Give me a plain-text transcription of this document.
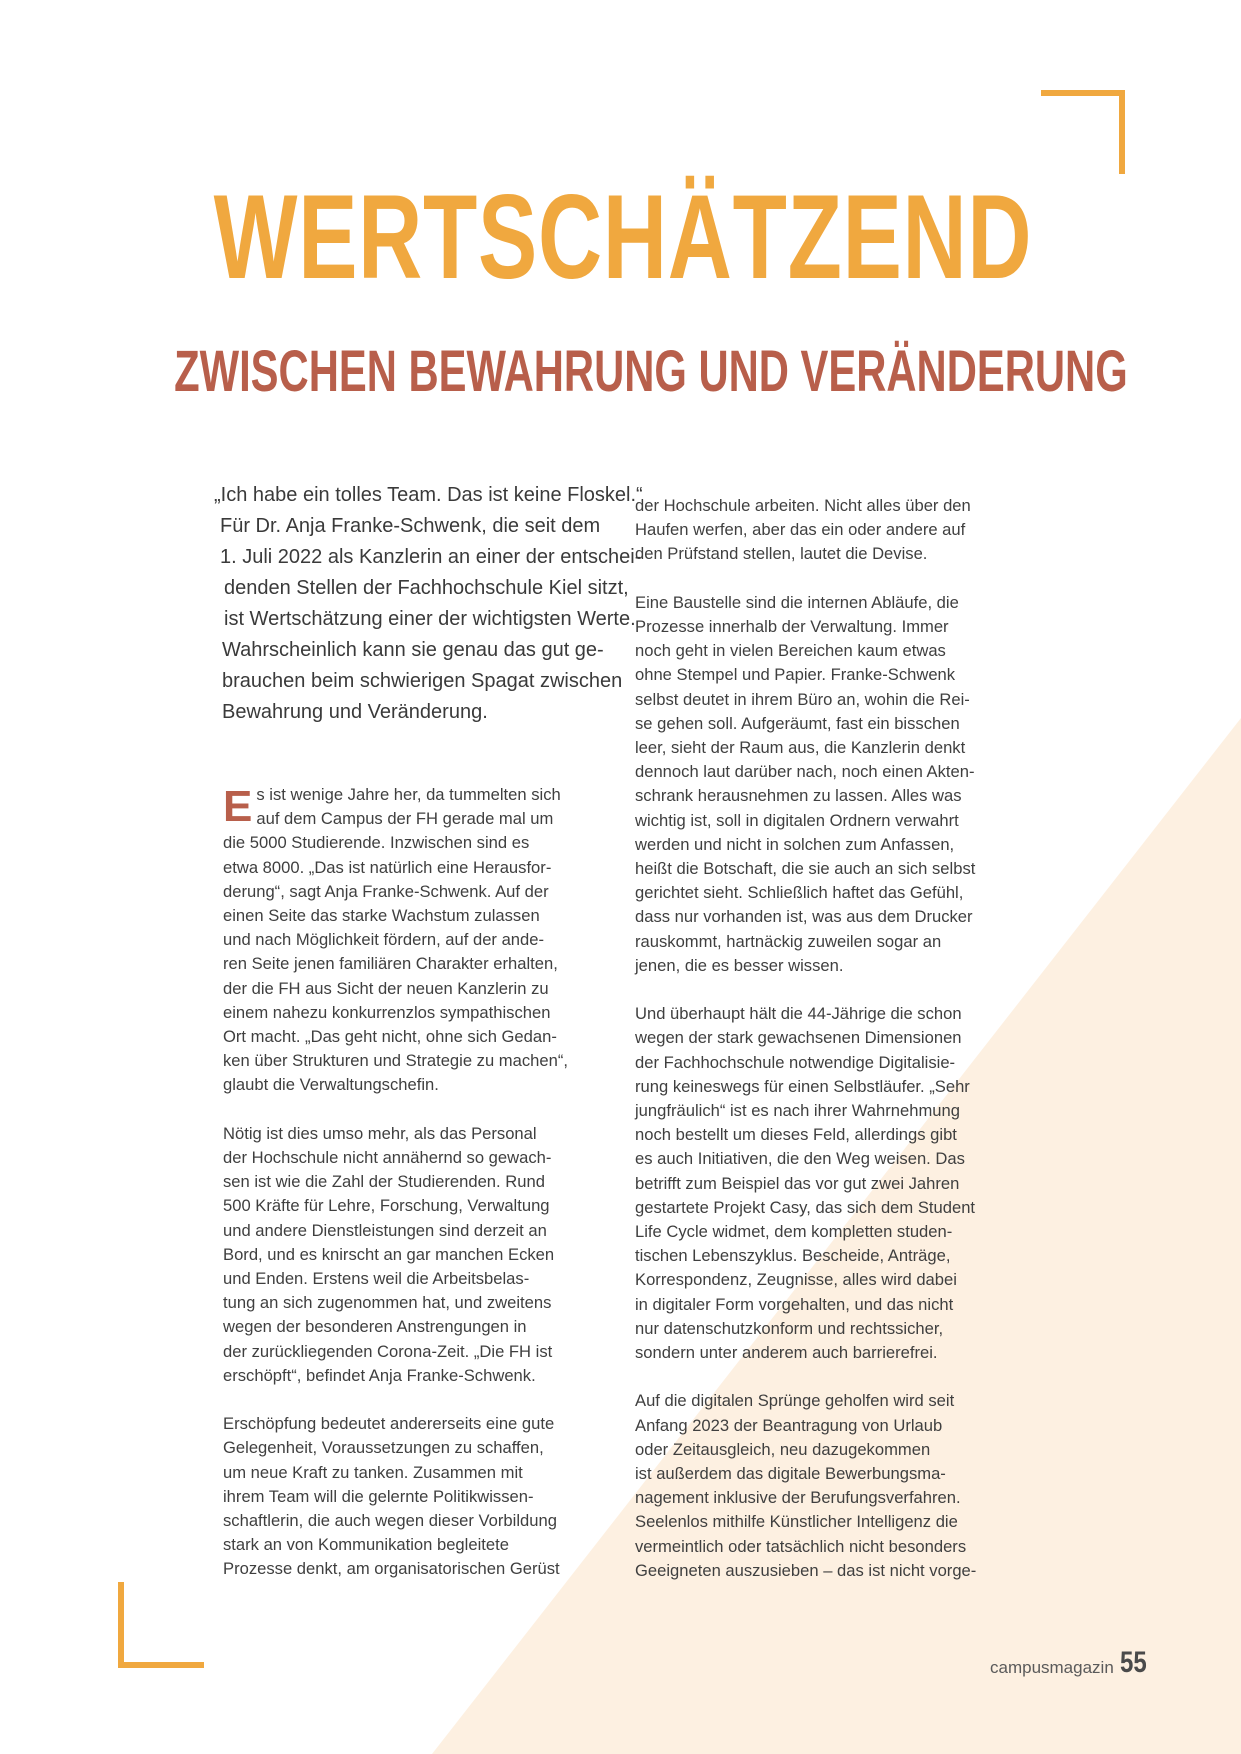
WERTSCHÄTZEND
ZWISCHEN BEWAHRUNG UND VERÄNDERUNG

„Ich habe ein tolles Team. Das ist keine Floskel.“

Für Dr. Anja Franke-Schwenk, die seit dem

1. Juli 2022 als Kanzlerin an einer der entschei-

denden Stellen der Fachhochschule Kiel sitzt,

ist Wertschätzung einer der wichtigsten Werte.

Wahrscheinlich kann sie genau das gut ge-

brauchen beim schwierigen Spagat zwischen

Bewahrung und Veränderung.

E s ist wenige Jahre her, da tummelten sich

auf dem Campus der FH gerade mal um

die 5000 Studierende. Inzwischen sind es

etwa 8000. „Das ist natürlich eine Herausfor-

derung“, sagt Anja Franke-Schwenk. Auf der

einen Seite das starke Wachstum zulassen

und nach Möglichkeit fördern, auf der ande-

ren Seite jenen familiären Charakter erhalten,

der die FH aus Sicht der neuen Kanzlerin zu

einem nahezu konkurrenzlos sympathischen

Ort macht. „Das geht nicht, ohne sich Gedan-

ken über Strukturen und Strategie zu machen“,

glaubt die Verwaltungschefin.

Nötig ist dies umso mehr, als das Personal

der Hochschule nicht annähernd so gewach-

sen ist wie die Zahl der Studierenden. Rund

500 Kräfte für Lehre, Forschung, Verwaltung

und andere Dienstleistungen sind derzeit an

Bord, und es knirscht an gar manchen Ecken

und Enden. Erstens weil die Arbeitsbelas-

tung an sich zugenommen hat, und zweitens

wegen der besonderen Anstrengungen in

der zurückliegenden Corona-Zeit. „Die FH ist

erschöpft“, befindet Anja Franke-Schwenk.

Erschöpfung bedeutet andererseits eine gute

Gelegenheit, Voraussetzungen zu schaffen,

um neue Kraft zu tanken. Zusammen mit

ihrem Team will die gelernte Politikwissen-

schaftlerin, die auch wegen dieser Vorbildung

stark an von Kommunikation begleitete

Prozesse denkt, am organisatorischen Gerüst

der Hochschule arbeiten. Nicht alles über den

Haufen werfen, aber das ein oder andere auf

den Prüfstand stellen, lautet die Devise.

Eine Baustelle sind die internen Abläufe, die

Prozesse innerhalb der Verwaltung. Immer

noch geht in vielen Bereichen kaum etwas

ohne Stempel und Papier. Franke-Schwenk

selbst deutet in ihrem Büro an, wohin die Rei-

se gehen soll. Aufgeräumt, fast ein bisschen

leer, sieht der Raum aus, die Kanzlerin denkt

dennoch laut darüber nach, noch einen Akten-

schrank herausnehmen zu lassen. Alles was

wichtig ist, soll in digitalen Ordnern verwahrt

werden und nicht in solchen zum Anfassen,

heißt die Botschaft, die sie auch an sich selbst

gerichtet sieht. Schließlich haftet das Gefühl,

dass nur vorhanden ist, was aus dem Drucker

rauskommt, hartnäckig zuweilen sogar an

jenen, die es besser wissen.

Und überhaupt hält die 44-Jährige die schon

wegen der stark gewachsenen Dimensionen

der Fachhochschule notwendige Digitalisie-

rung keineswegs für einen Selbstläufer. „Sehr

jungfräulich“ ist es nach ihrer Wahrnehmung

noch bestellt um dieses Feld, allerdings gibt

es auch Initiativen, die den Weg weisen. Das

betrifft zum Beispiel das vor gut zwei Jahren

gestartete Projekt Casy, das sich dem Student

Life Cycle widmet, dem kompletten studen-

tischen Lebenszyklus. Bescheide, Anträge,

Korrespondenz, Zeugnisse, alles wird dabei

in digitaler Form vorgehalten, und das nicht

nur datenschutzkonform und rechtssicher,

sondern unter anderem auch barrierefrei.

Auf die digitalen Sprünge geholfen wird seit

Anfang 2023 der Beantragung von Urlaub

oder Zeitausgleich, neu dazugekommen

ist außerdem das digitale Bewerbungsma-

nagement inklusive der Berufungsverfahren.

Seelenlos mithilfe Künstlicher Intelligenz die

vermeintlich oder tatsächlich nicht besonders

Geeigneten auszusieben – das ist nicht vorge-

campusmagazin 55
